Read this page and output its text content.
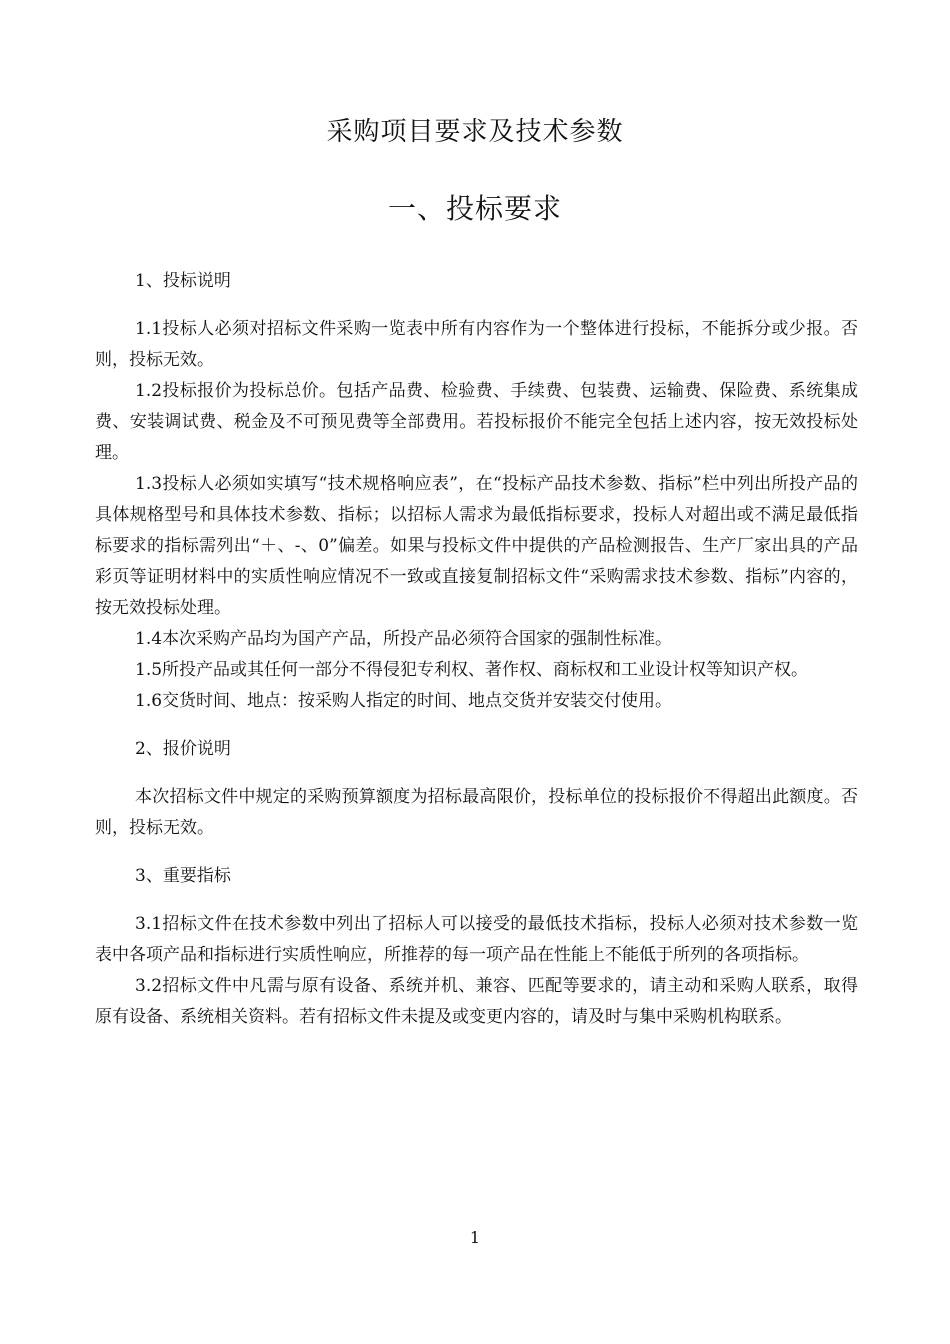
采购项目要求及技术参数
一、投标要求

1、投标说明

1.1投标人必须对招标文件采购一览表中所有内容作为一个整体进行投标，不能拆分或少报。否则，投标无效。

1.2投标报价为投标总价。包括产品费、检验费、手续费、包装费、运输费、保险费、系统集成费、安装调试费、税金及不可预见费等全部费用。若投标报价不能完全包括上述内容，按无效投标处理。

1.3投标人必须如实填写“技术规格响应表”，在“投标产品技术参数、指标”栏中列出所投产品的具体规格型号和具体技术参数、指标；以招标人需求为最低指标要求，投标人对超出或不满足最低指标要求的指标需列出“＋、-、0”偏差。如果与投标文件中提供的产品检测报告、生产厂家出具的产品彩页等证明材料中的实质性响应情况不一致或直接复制招标文件“采购需求技术参数、指标”内容的，按无效投标处理。

1.4本次采购产品均为国产产品，所投产品必须符合国家的强制性标准。

1.5所投产品或其任何一部分不得侵犯专利权、著作权、商标权和工业设计权等知识产权。

1.6交货时间、地点：按采购人指定的时间、地点交货并安装交付使用。

2、报价说明

本次招标文件中规定的采购预算额度为招标最高限价，投标单位的投标报价不得超出此额度。否则，投标无效。

3、重要指标

3.1招标文件在技术参数中列出了招标人可以接受的最低技术指标，投标人必须对技术参数一览表中各项产品和指标进行实质性响应，所推荐的每一项产品在性能上不能低于所列的各项指标。

3.2招标文件中凡需与原有设备、系统并机、兼容、匹配等要求的，请主动和采购人联系，取得原有设备、系统相关资料。若有招标文件未提及或变更内容的，请及时与集中采购机构联系。

1
